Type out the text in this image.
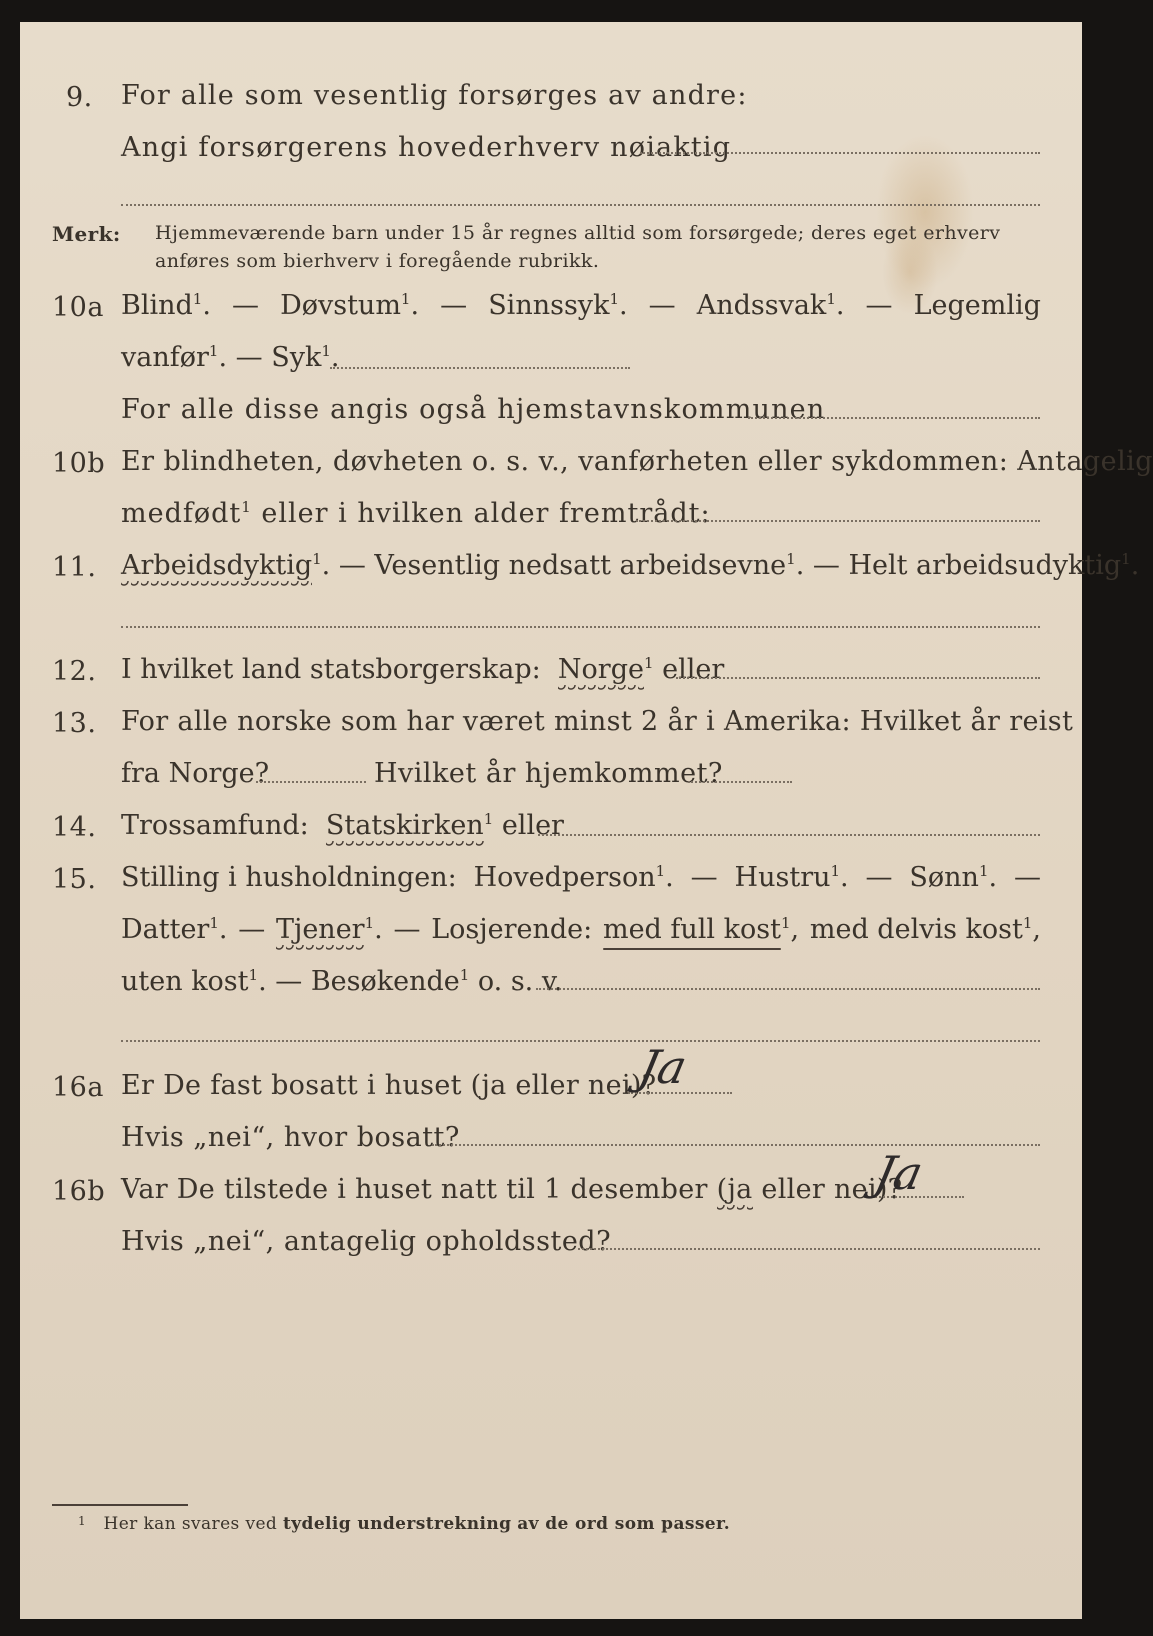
9. For alle som vesentlig forsørges av andre:
Angi forsørgerens hovederhverv nøiaktig
Merk: Hjemmeværende barn under 15 år regnes alltid som forsørgede; deres eget erhverv
anføres som bierhverv i foregående rubrikk.
10a Blind$^1$. — Døvstum$^1$. — Sinnssyk$^1$. — Andssvak$^1$. — Legemlig
vanfør$^1$. — Syk$^1$.
For alle disse angis også hjemstavnskommunen
10b Er blindheten, døvheten o. s. v., vanførheten eller sykdommen: Antagelig
medfødt$^1$ eller i hvilken alder fremtrådt:
11. Arbeidsdyktig$^1$. — Vesentlig nedsatt arbeidsevne$^1$. — Helt arbeidsudyktig$^1$.
12. I hvilket land statsborgerskap: Norge$^1$ eller
13. For alle norske som har været minst 2 år i Amerika: Hvilket år reist
fra Norge?	Hvilket år hjemkommet?
14. Trossamfund: Statskirken$^1$ eller
15. Stilling i husholdningen: Hovedperson$^1$. — Hustru$^1$. — Sønn$^1$. —
Datter$^1$. — Tjener$^1$. — Losjerende: med full kost$^1$, med delvis kost$^1$,
uten kost$^1$. — Besøkende$^1$ o. s. v.
16a Er De fast bosatt i huset (ja eller nei)?
Ja
Hvis „nei“, hvor bosatt?
16b Var De tilstede i huset natt til 1 desember (ja eller nei)?
Ja
Hvis „nei“, antagelig opholdssted?
$^1$ Her kan svares ved tydelig understrekning av de ord som passer.
